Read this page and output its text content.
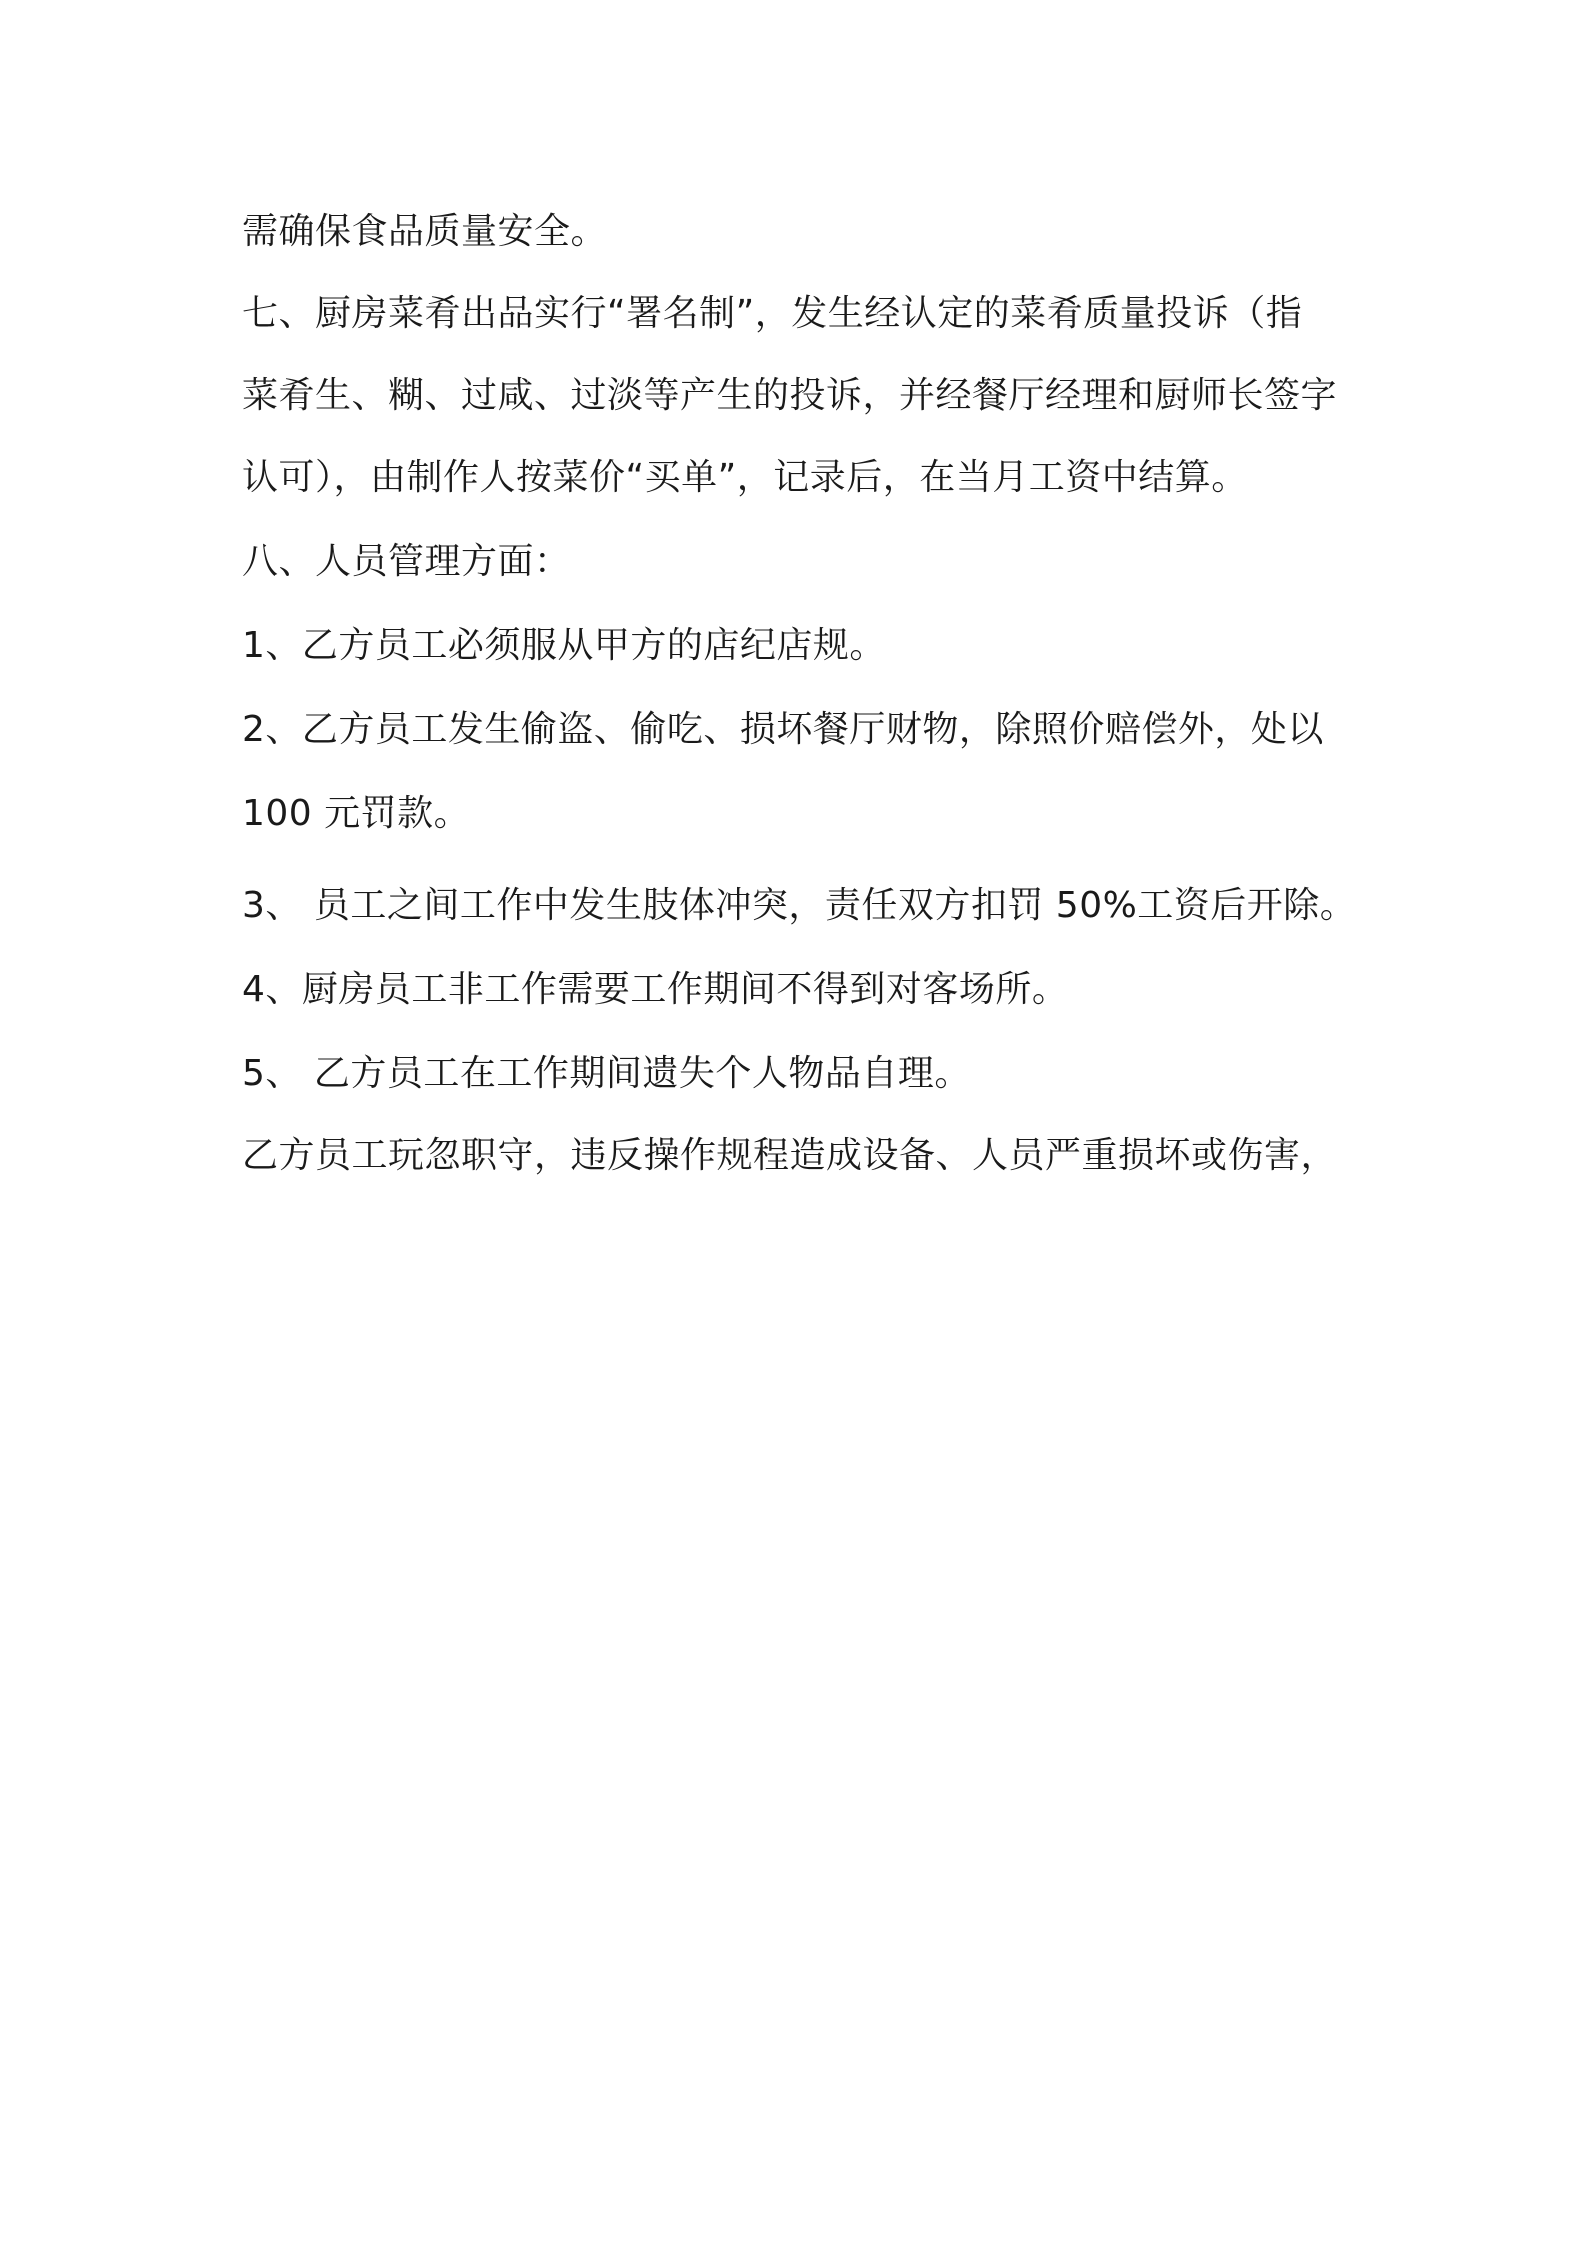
需确保食品质量安全。
七、厨房菜肴出品实行“署名制”，发生经认定的菜肴质量投诉（指
菜肴生、糊、过咸、过淡等产生的投诉，并经餐厅经理和厨师长签字
认可），由制作人按菜价“买单”，记录后，在当月工资中结算。
八、人员管理方面：
1、乙方员工必须服从甲方的店纪店规。
2、乙方员工发生偷盗、偷吃、损坏餐厅财物，除照价赔偿外，处以
100 元罚款。
3、 员工之间工作中发生肢体冲突，责任双方扣罚 50%工资后开除。
4、厨房员工非工作需要工作期间不得到对客场所。
5、 乙方员工在工作期间遗失个人物品自理。
乙方员工玩忽职守，违反操作规程造成设备、人员严重损坏或伤害，
